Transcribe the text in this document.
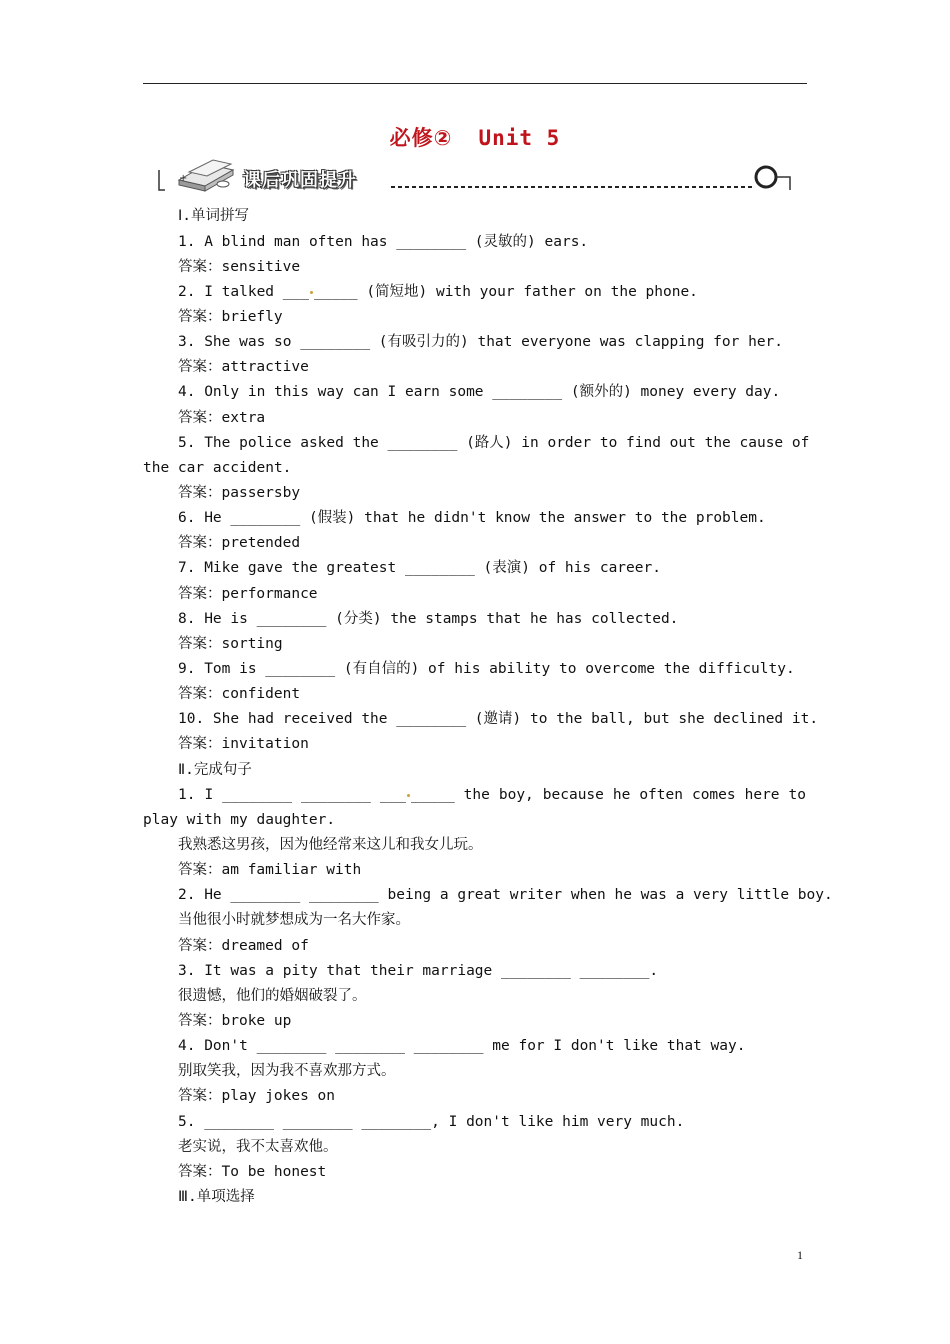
必修② Unit 5
+	课后巩固提升
Ⅰ.单词拼写
1. A blind man often has ________ (灵敏的) ears.
答案：sensitive
2. I talked ___ _____ (简短地) with your father on the phone.
答案：briefly
3. She was so ________ (有吸引力的) that everyone was clapping for her.
答案：attractive
4. Only in this way can I earn some ________ (额外的) money every day.
答案：extra
5. The police asked the ________ (路人) in order to find out the cause of
the car accident.
答案：passersby
6. He ________ (假装) that he didn't know the answer to the problem.
答案：pretended
7. Mike gave the greatest ________ (表演) of his career.
答案：performance
8. He is ________ (分类) the stamps that he has collected.
答案：sorting
9. Tom is ________ (有自信的) of his ability to overcome the difficulty.
答案：confident
10. She had received the ________ (邀请) to the ball, but she declined it.
答案：invitation
Ⅱ.完成句子
1. I ________ ________ ___ _____ the boy, because he often comes here to
play with my daughter.
我熟悉这男孩，因为他经常来这儿和我女儿玩。
答案：am familiar with
2. He ________ ________ being a great writer when he was a very little boy.
当他很小时就梦想成为一名大作家。
答案：dreamed of
3. It was a pity that their marriage ________ ________.
很遗憾，他们的婚姻破裂了。
答案：broke up
4. Don't ________ ________ ________ me for I don't like that way.
别取笑我，因为我不喜欢那方式。
答案：play jokes on
5. ________ ________ ________, I don't like him very much.
老实说，我不太喜欢他。
答案：To be honest
Ⅲ.单项选择
1
